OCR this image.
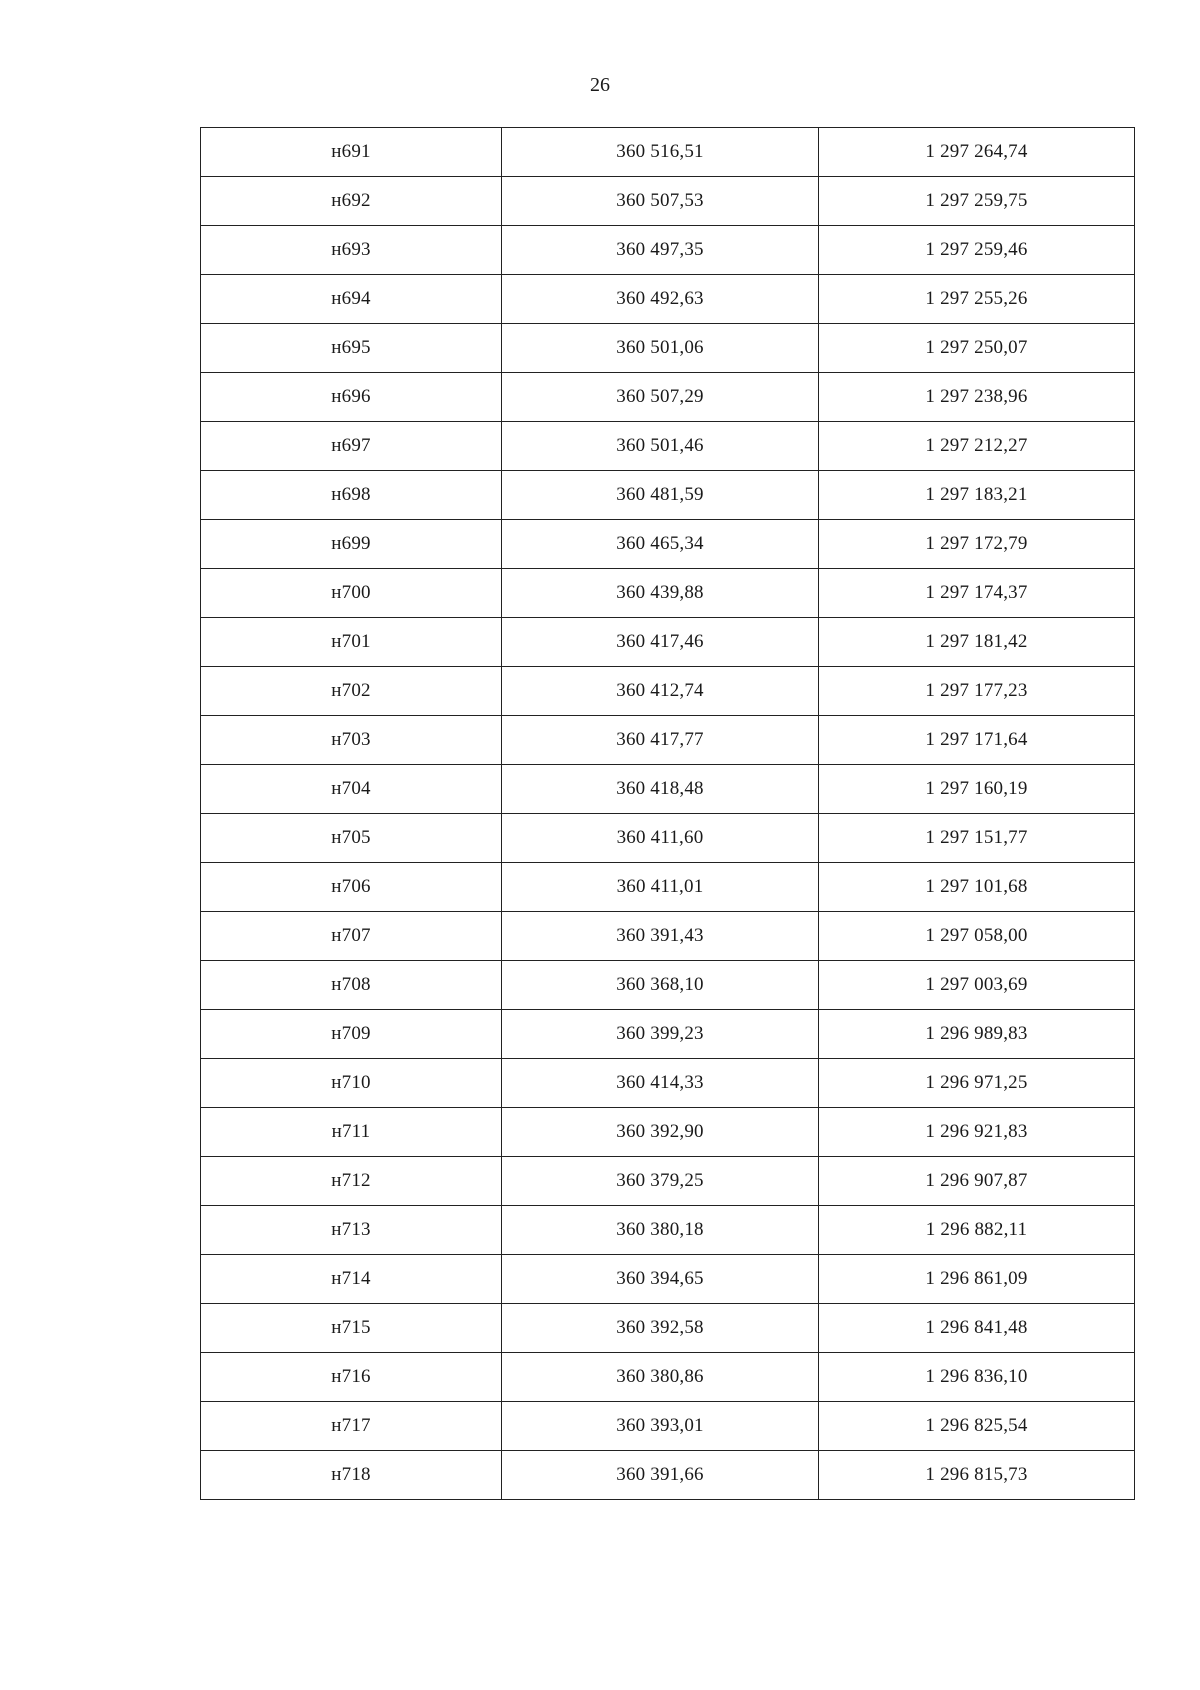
26
н691	360 516,51	1 297 264,74
н692	360 507,53	1 297 259,75
н693	360 497,35	1 297 259,46
н694	360 492,63	1 297 255,26
н695	360 501,06	1 297 250,07
н696	360 507,29	1 297 238,96
н697	360 501,46	1 297 212,27
н698	360 481,59	1 297 183,21
н699	360 465,34	1 297 172,79
н700	360 439,88	1 297 174,37
н701	360 417,46	1 297 181,42
н702	360 412,74	1 297 177,23
н703	360 417,77	1 297 171,64
н704	360 418,48	1 297 160,19
н705	360 411,60	1 297 151,77
н706	360 411,01	1 297 101,68
н707	360 391,43	1 297 058,00
н708	360 368,10	1 297 003,69
н709	360 399,23	1 296 989,83
н710	360 414,33	1 296 971,25
н711	360 392,90	1 296 921,83
н712	360 379,25	1 296 907,87
н713	360 380,18	1 296 882,11
н714	360 394,65	1 296 861,09
н715	360 392,58	1 296 841,48
н716	360 380,86	1 296 836,10
н717	360 393,01	1 296 825,54
н718	360 391,66	1 296 815,73
